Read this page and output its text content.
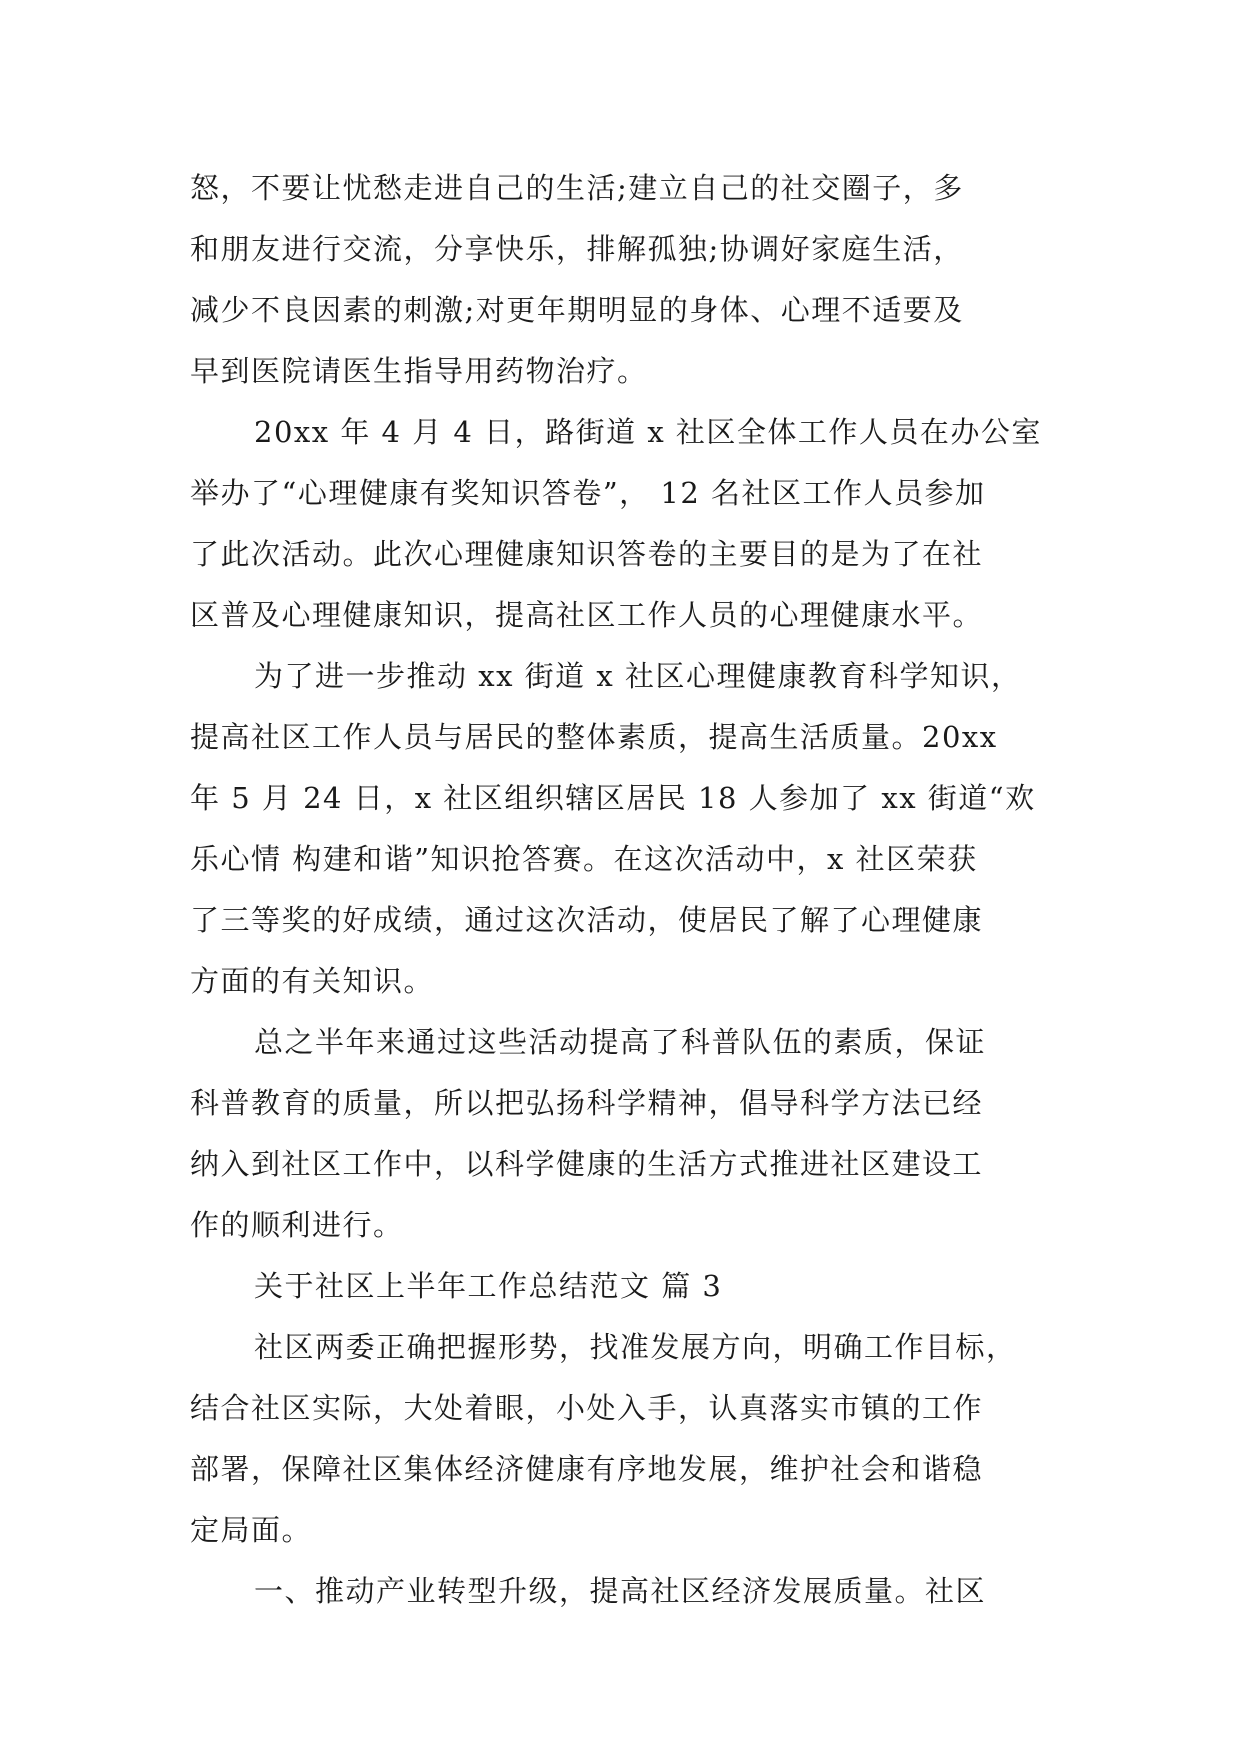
怒，不要让忧愁走进自己的生活;建立自己的社交圈子，多
和朋友进行交流，分享快乐，排解孤独;协调好家庭生活，
减少不良因素的刺激;对更年期明显的身体、心理不适要及
早到医院请医生指导用药物治疗。
20xx 年 4 月 4 日，路街道 x 社区全体工作人员在办公室
举办了“心理健康有奖知识答卷”， 12 名社区工作人员参加
了此次活动。此次心理健康知识答卷的主要目的是为了在社
区普及心理健康知识，提高社区工作人员的心理健康水平。
为了进一步推动 xx 街道 x 社区心理健康教育科学知识，
提高社区工作人员与居民的整体素质，提高生活质量。20xx
年 5 月 24 日，x 社区组织辖区居民 18 人参加了 xx 街道“欢
乐心情 构建和谐”知识抢答赛。在这次活动中，x 社区荣获
了三等奖的好成绩，通过这次活动，使居民了解了心理健康
方面的有关知识。
总之半年来通过这些活动提高了科普队伍的素质，保证
科普教育的质量，所以把弘扬科学精神，倡导科学方法已经
纳入到社区工作中，以科学健康的生活方式推进社区建设工
作的顺利进行。
关于社区上半年工作总结范文 篇 3
社区两委正确把握形势，找准发展方向，明确工作目标，
结合社区实际，大处着眼，小处入手，认真落实市镇的工作
部署，保障社区集体经济健康有序地发展，维护社会和谐稳
定局面。
一、推动产业转型升级，提高社区经济发展质量。社区
